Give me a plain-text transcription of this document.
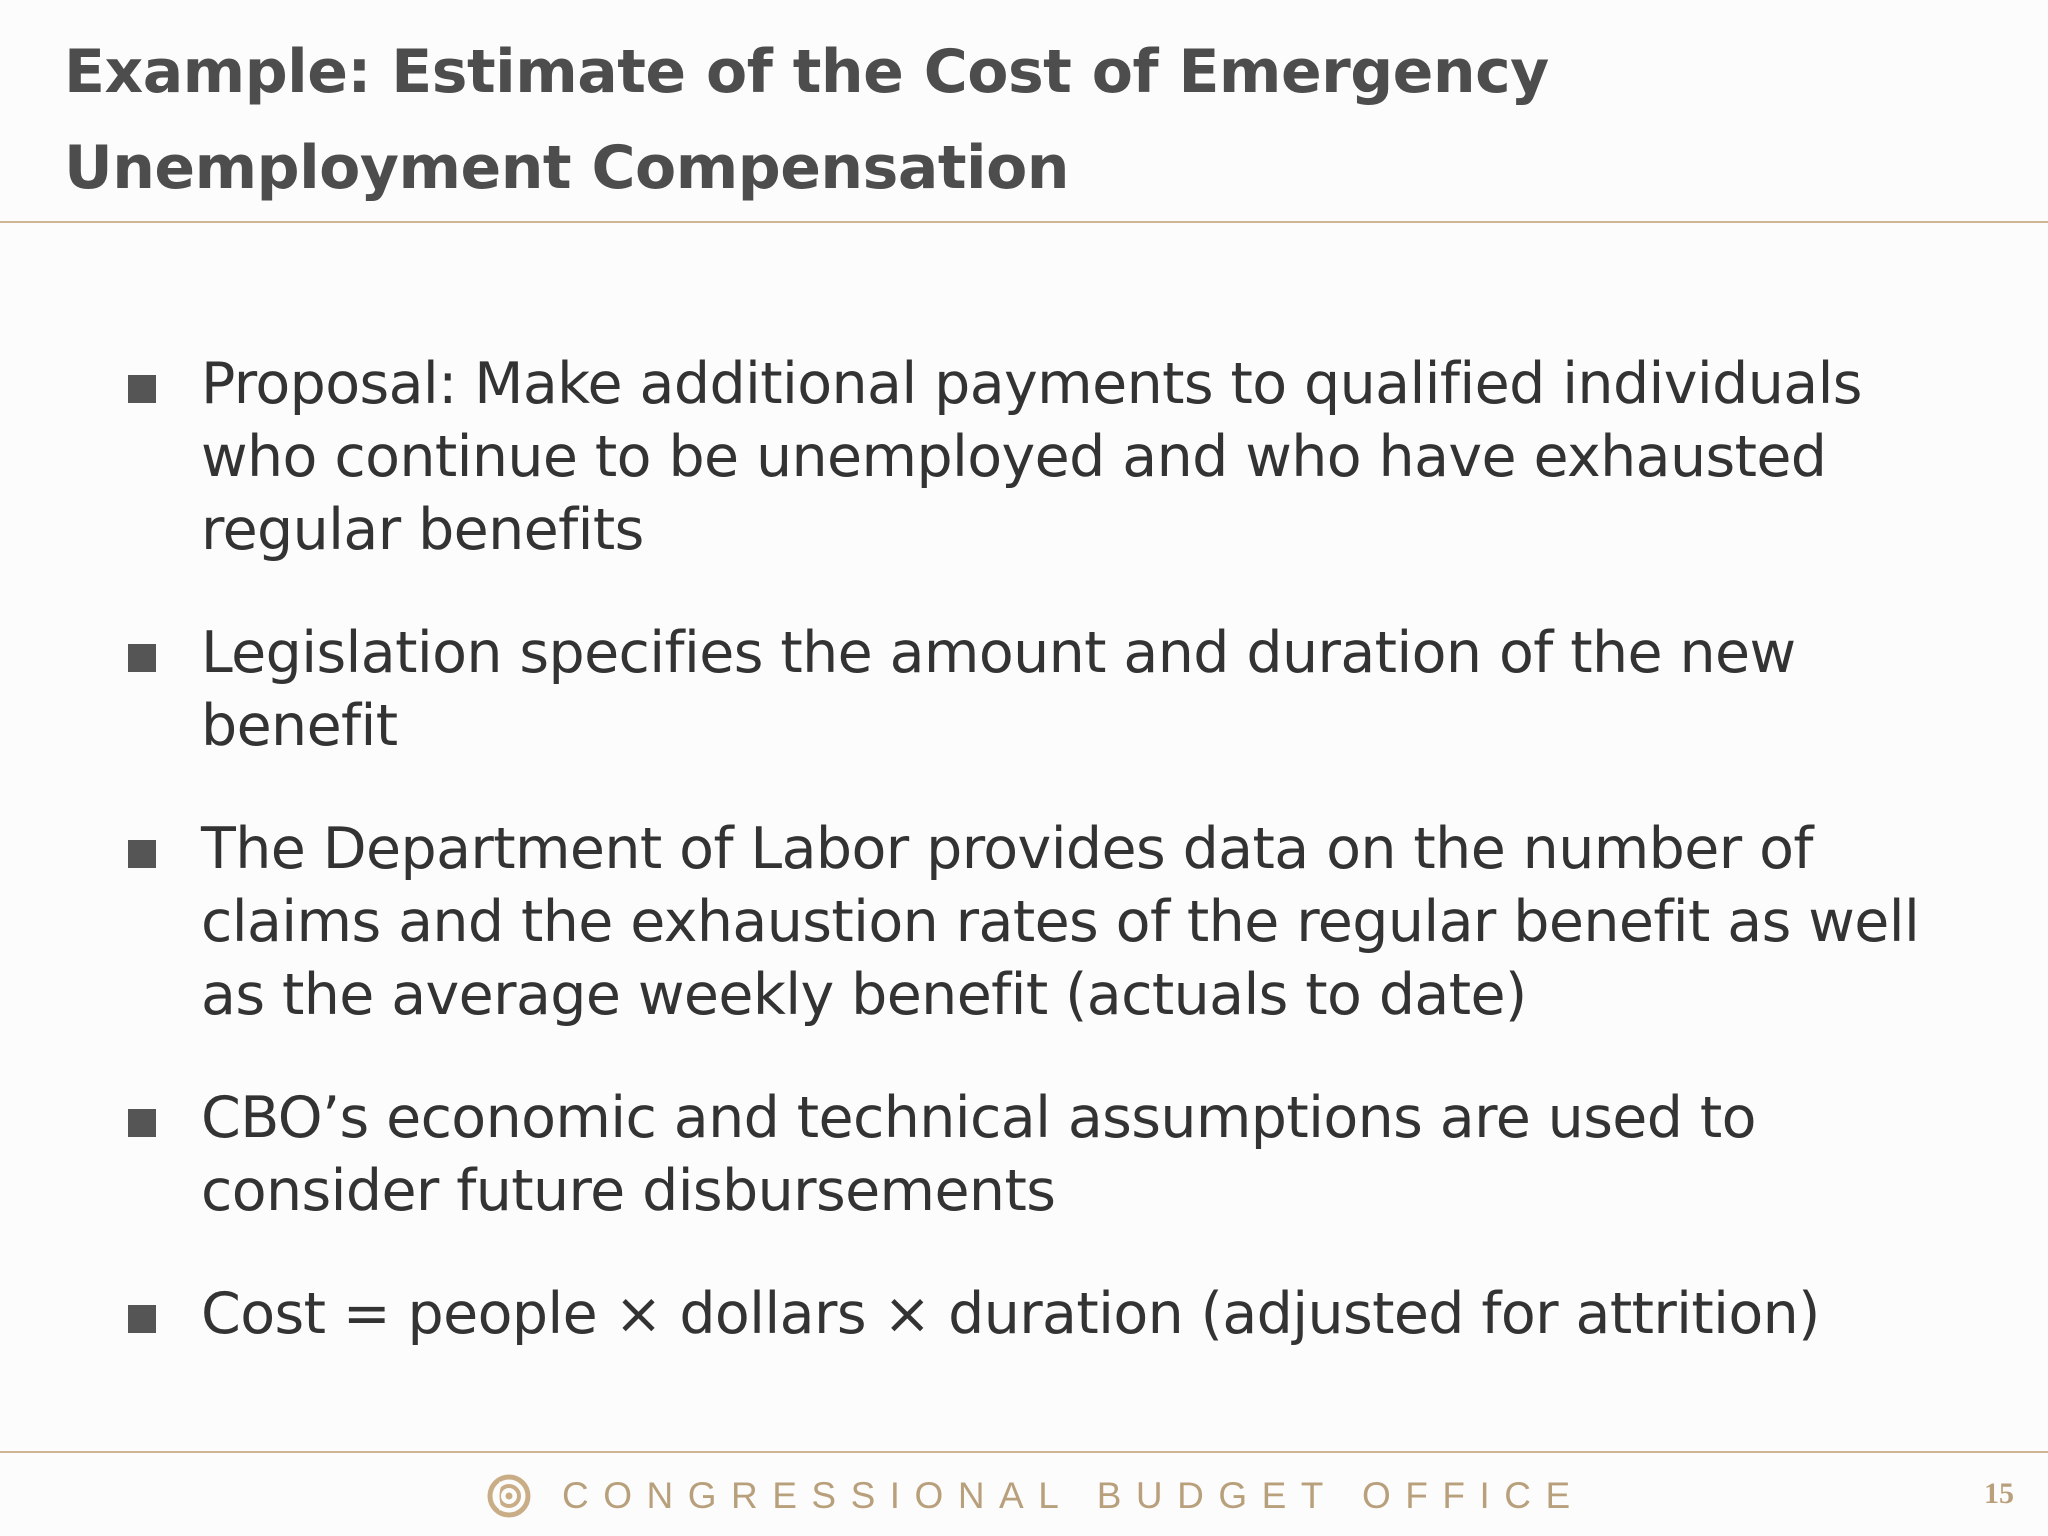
Example: Estimate of the Cost of Emergency
Unemployment Compensation
Proposal: Make additional payments to qualified individuals who continue to be unemployed and who have exhausted regular benefits
Legislation specifies the amount and duration of the new benefit
The Department of Labor provides data on the number of claims and the exhaustion rates of the regular benefit as well as the average weekly benefit (actuals to date)
CBO’s economic and technical assumptions are used to consider future disbursements
Cost = people × dollars × duration (adjusted for attrition)
CONGRESSIONAL BUDGET OFFICE	15
